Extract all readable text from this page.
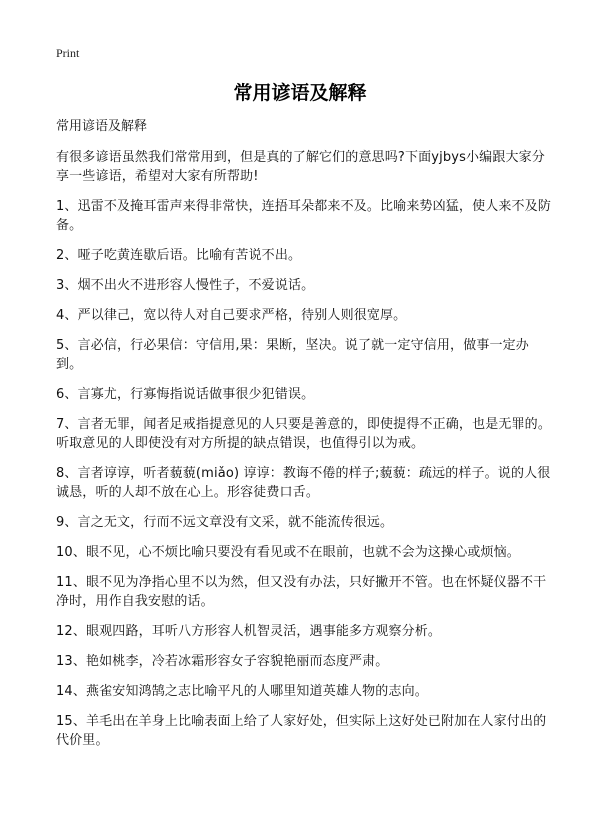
Print
常用谚语及解释

常用谚语及解释

有很多谚语虽然我们常常用到，但是真的了解它们的意思吗?下面yjbys小编跟大家分享一些谚语，希望对大家有所帮助!

1、迅雷不及掩耳雷声来得非常快，连捂耳朵都来不及。比喻来势凶猛，使人来不及防备。

2、哑子吃黄连歇后语。比喻有苦说不出。

3、烟不出火不进形容人慢性子，不爱说话。

4、严以律己，宽以待人对自己要求严格，待别人则很宽厚。

5、言必信，行必果信：守信用,果：果断，坚决。说了就一定守信用，做事一定办到。

6、言寡尤，行寡悔指说话做事很少犯错误。

7、言者无罪，闻者足戒指提意见的人只要是善意的，即使提得不正确，也是无罪的。听取意见的人即使没有对方所提的缺点错误，也值得引以为戒。

8、言者谆谆，听者藐藐(miǎo) 谆谆：教诲不倦的样子;藐藐：疏远的样子。说的人很诚恳，听的人却不放在心上。形容徒费口舌。

9、言之无文，行而不远文章没有文采，就不能流传很远。

10、眼不见，心不烦比喻只要没有看见或不在眼前，也就不会为这操心或烦恼。

11、眼不见为净指心里不以为然，但又没有办法，只好撇开不管。也在怀疑仪器不干净时，用作自我安慰的话。

12、眼观四路，耳听八方形容人机智灵活，遇事能多方观察分析。

13、艳如桃李，冷若冰霜形容女子容貌艳丽而态度严肃。

14、燕雀安知鸿鹄之志比喻平凡的人哪里知道英雄人物的志向。

15、羊毛出在羊身上比喻表面上给了人家好处，但实际上这好处已附加在人家付出的代价里。
